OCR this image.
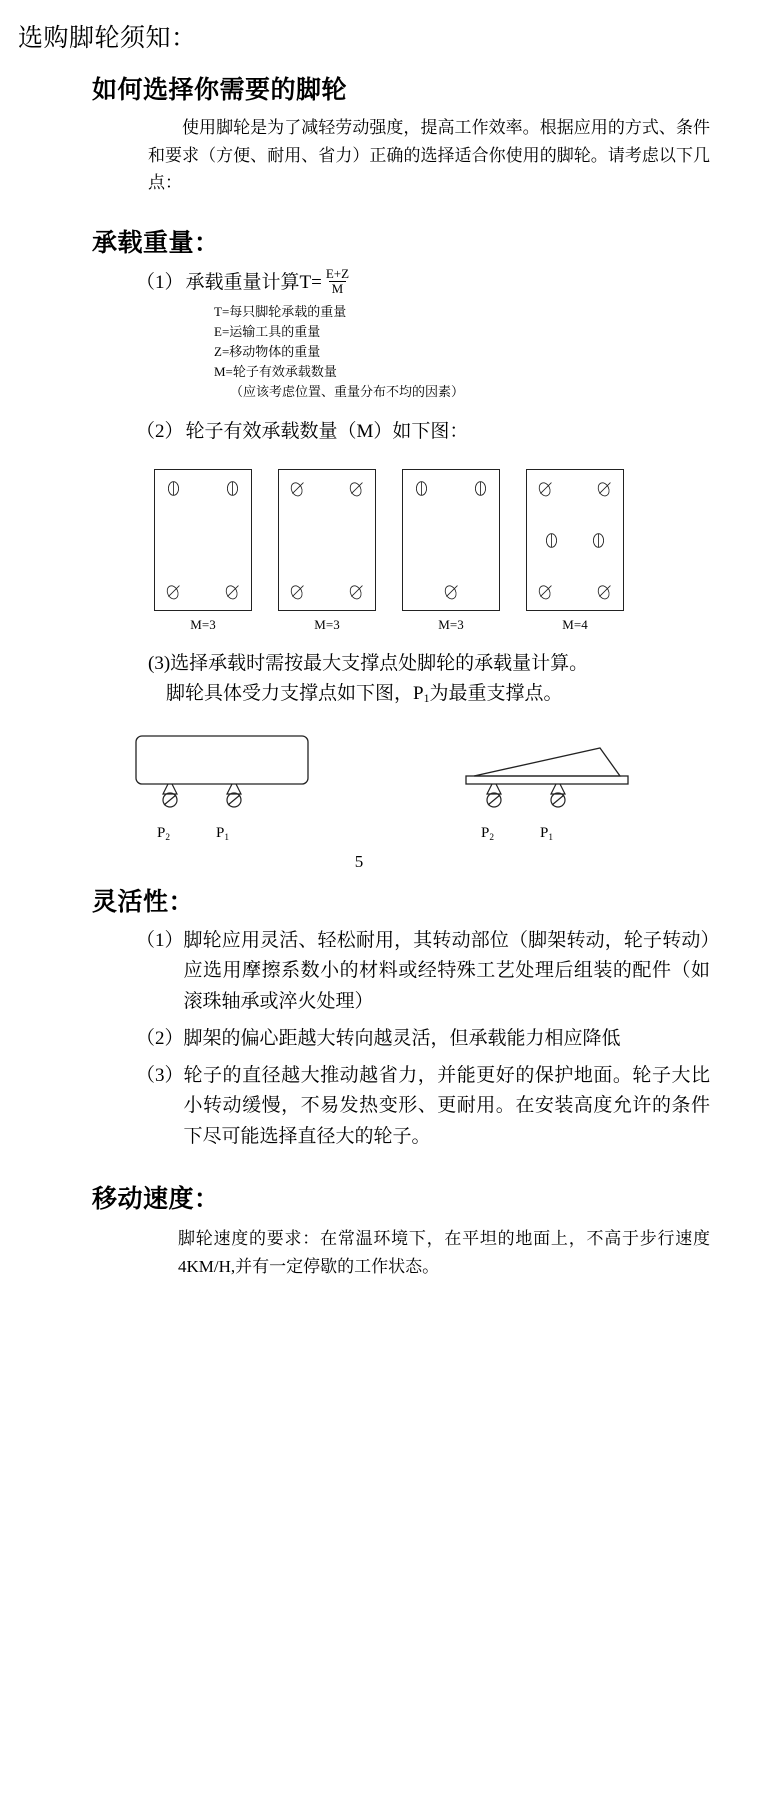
选购脚轮须知：
如何选择你需要的脚轮

使用脚轮是为了减轻劳动强度，提高工作效率。根据应用的方式、条件和要求（方便、耐用、省力）正确的选择适合你使用的脚轮。请考虑以下几点：

承载重量：
（1） 承载重量计算$T= \frac{E+Z}{M}$
T=每只脚轮承载的重量
E=运输工具的重量
Z=移动物体的重量
M=轮子有效承载数量
（应该考虑位置、重量分布不均的因素）
（2） 轮子有效承载数量（M）如下图：
M=3	M=3	M=3	M=4
(3)选择承载时需按最大支撑点处脚轮的承载量计算。
脚轮具体受力支撑点如下图，$P_1$为最重支撑点。
$P_2$	$P_1$	$P_2$	$P_1$
5
灵活性：
（1） 脚轮应用灵活、轻松耐用，其转动部位（脚架转动，轮子转动）应选用摩擦系数小的材料或经特殊工艺处理后组装的配件（如滚珠轴承或淬火处理）
（2） 脚架的偏心距越大转向越灵活，但承载能力相应降低
（3） 轮子的直径越大推动越省力，并能更好的保护地面。轮子大比小转动缓慢，不易发热变形、更耐用。在安装高度允许的条件下尽可能选择直径大的轮子。
移动速度：

脚轮速度的要求：在常温环境下，在平坦的地面上，不高于步行速度4KM/H,并有一定停歇的工作状态。
